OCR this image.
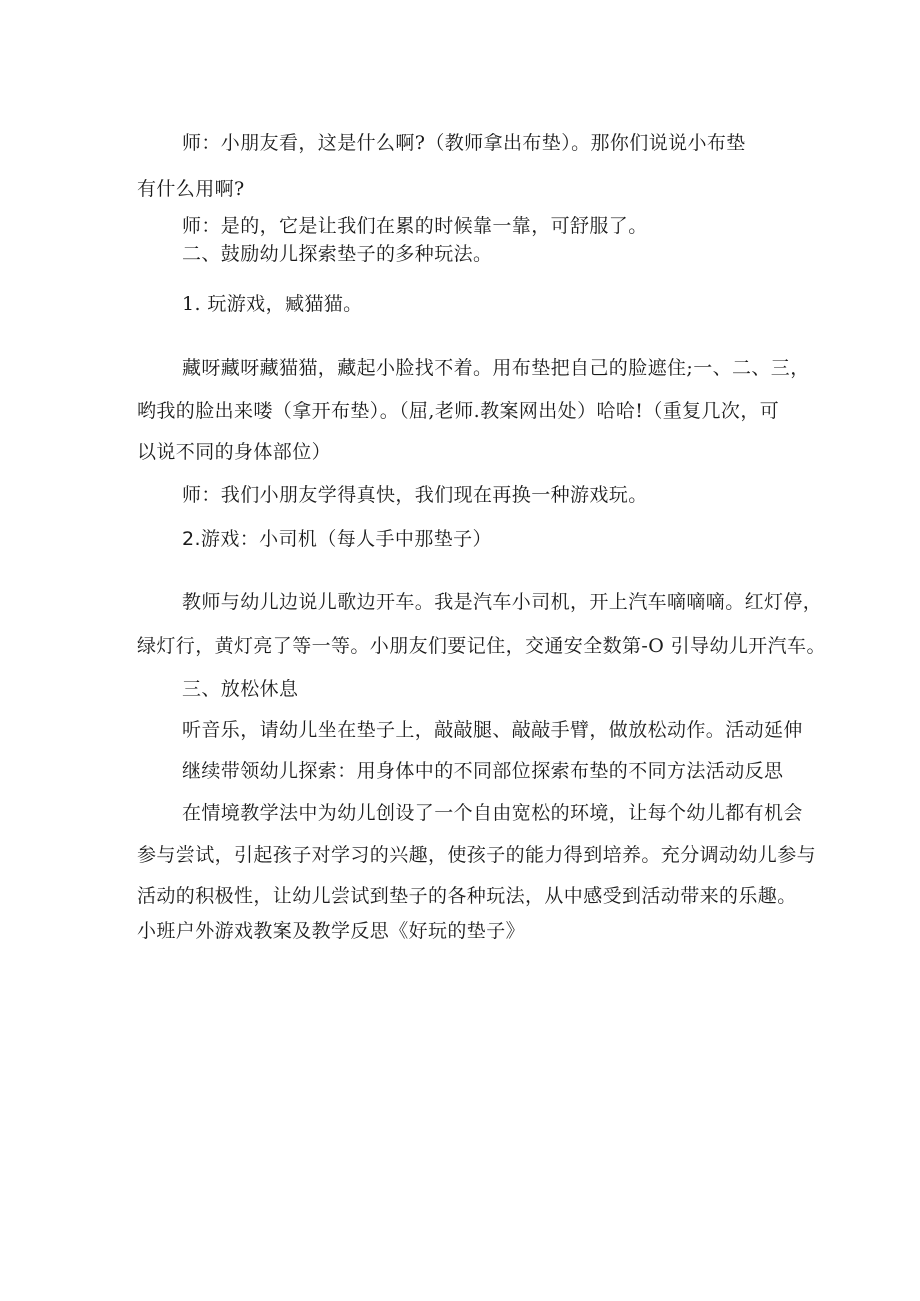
师：小朋友看，这是什么啊?（教师拿出布垫）。那你们说说小布垫
有什么用啊?
师：是的，它是让我们在累的时候靠一靠，可舒服了。
二、鼓励幼儿探索垫子的多种玩法。
1. 玩游戏，臧猫猫。
藏呀藏呀藏猫猫，藏起小脸找不着。用布垫把自己的脸遮住;一、二、三，
哟我的脸出来喽（拿开布垫）。（屈,老师.教案网出处）哈哈!（重复几次，可
以说不同的身体部位）
师：我们小朋友学得真快，我们现在再换一种游戏玩。
2.游戏：小司机（每人手中那垫子）
教师与幼儿边说儿歌边开车。我是汽车小司机，开上汽车嘀嘀嘀。红灯停，
绿灯行，黄灯亮了等一等。小朋友们要记住，交通安全数第-O 引导幼儿开汽车。
三、放松休息
听音乐，请幼儿坐在垫子上，敲敲腿、敲敲手臂，做放松动作。活动延伸
继续带领幼儿探索：用身体中的不同部位探索布垫的不同方法活动反思
在情境教学法中为幼儿创设了一个自由宽松的环境，让每个幼儿都有机会
参与尝试，引起孩子对学习的兴趣，使孩子的能力得到培养。充分调动幼儿参与
活动的积极性，让幼儿尝试到垫子的各种玩法，从中感受到活动带来的乐趣。
小班户外游戏教案及教学反思《好玩的垫子》
